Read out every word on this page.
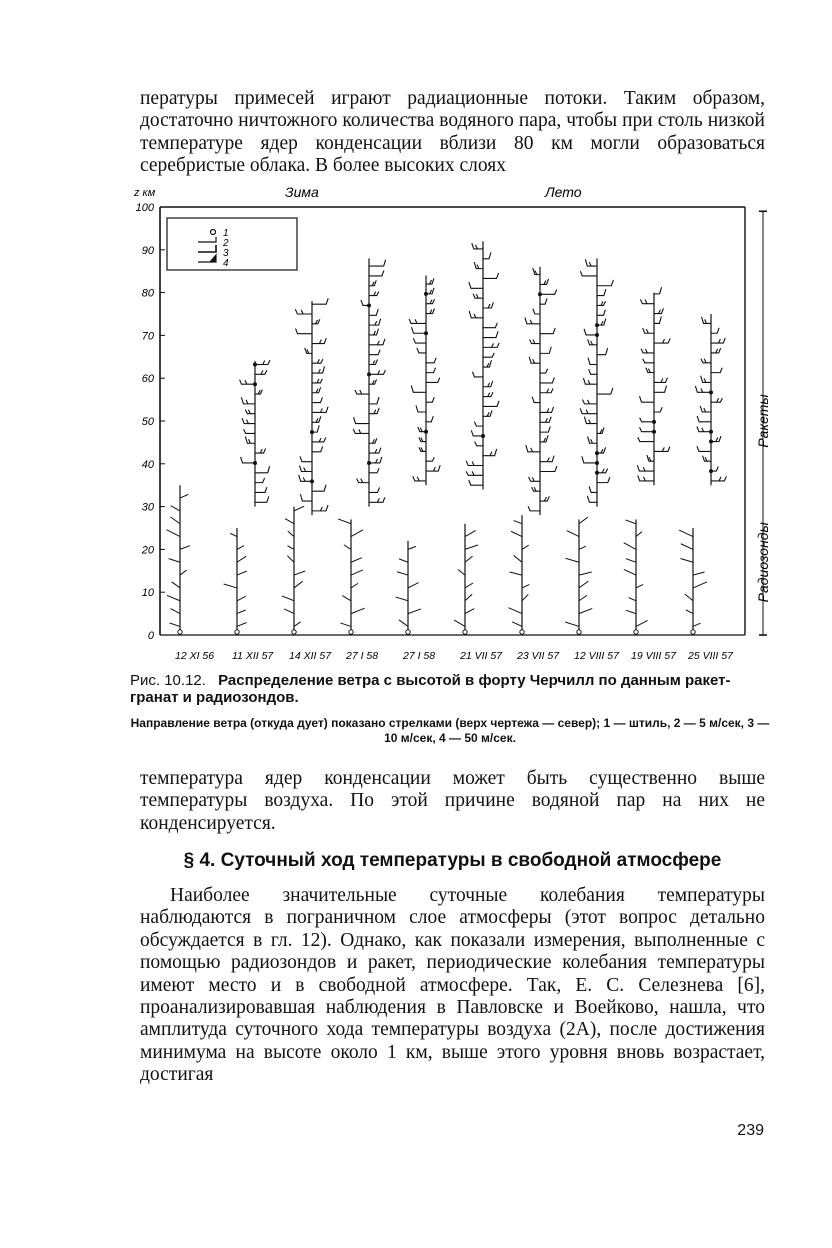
пературы примесей играют радиационные потоки. Таким образом, достаточно ничтожного количества водяного пара, чтобы при столь низкой температуре ядер конденсации вблизи 80 км могли образоваться серебристые облака. В более высоких слоях

z км	Зима	Лето
100
90
80
70
60
50
40
30
20
10
0
1
2
3
4
12 XI 56 11 XII 57 14 XII 57 27 I 58 27 I 58 21 VII 57 23 VII 57 12 VIII 57 19 VIII 57 25 VIII 57
Ракеты
Радиозонды

Рис. 10.12. Распределение ветра с высотой в форту Черчилл по данным ракет-гранат и радиозондов.

Направление ветра (откуда дует) показано стрелками (верх чертежа — север); 1 — штиль, 2 — 5 м/сек, 3 — 10 м/сек, 4 — 50 м/сек.

температура ядер конденсации может быть существенно выше температуры воздуха. По этой причине водяной пар на них не конденсируется.

§ 4. Суточный ход температуры в свободной атмосфере

Наиболее значительные суточные колебания температуры наблюдаются в пограничном слое атмосферы (этот вопрос детально обсуждается в гл. 12). Однако, как показали измерения, выполненные с помощью радиозондов и ракет, периодические колебания температуры имеют место и в свободной атмосфере. Так, Е. С. Селезнева [6], проанализировавшая наблюдения в Павловске и Воейково, нашла, что амплитуда суточного хода температуры воздуха (2A), после достижения минимума на высоте около 1 км, выше этого уровня вновь возрастает, достигая

239
